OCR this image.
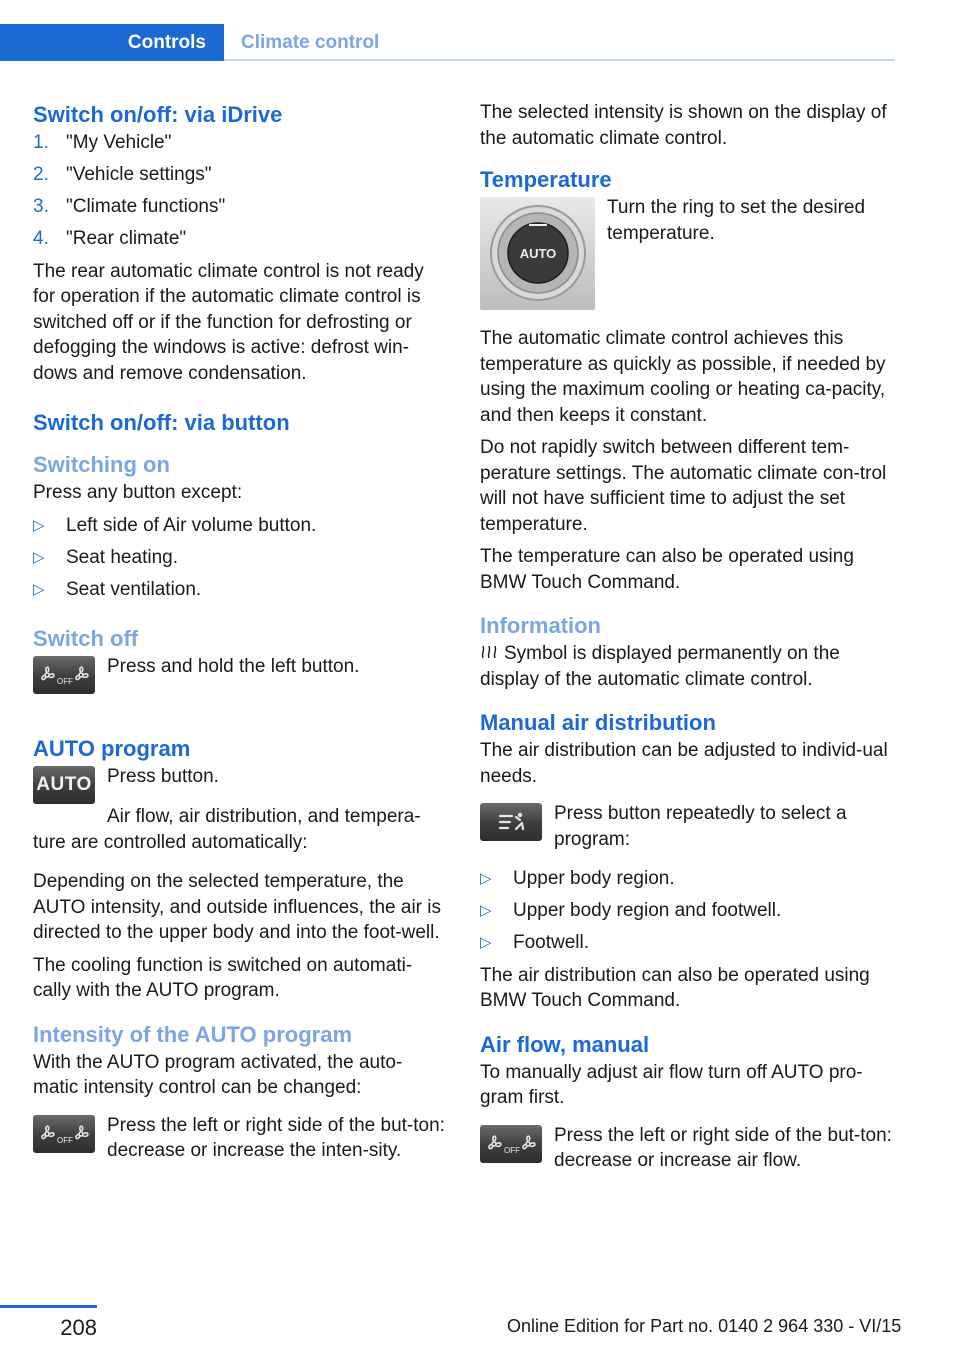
Controls	Climate control
Switch on/off: via iDrive
1. "My Vehicle"
2. "Vehicle settings"
3. "Climate functions"
4. "Rear climate"

The rear automatic climate control is not ready for operation if the automatic climate control is switched off or if the function for defrosting or defogging the windows is active: defrost win‐dows and remove condensation.

Switch on/off: via button
Switching on

Press any button except:

▷ Left side of Air volume button.
▷ Seat heating.
▷ Seat ventilation.
Switch off
OFF

Press and hold the left button.

AUTO program
AUTO Press button.

Air flow, air distribution, and tempera‐ture are controlled automatically:

Depending on the selected temperature, the AUTO intensity, and outside influences, the air is directed to the upper body and into the foot‐well.

The cooling function is switched on automati‐cally with the AUTO program.

Intensity of the AUTO program

With the AUTO program activated, the auto‐matic intensity control can be changed:

OFF

Press the left or right side of the but‐ton: decrease or increase the inten‐sity.

The selected intensity is shown on the display of the automatic climate control.

Temperature
AUTO

Turn the ring to set the desired temperature.

The automatic climate control achieves this temperature as quickly as possible, if needed by using the maximum cooling or heating ca‐pacity, and then keeps it constant.

Do not rapidly switch between different tem‐perature settings. The automatic climate con‐trol will not have sufficient time to adjust the set temperature.

The temperature can also be operated using BMW Touch Command.

Information

Symbol is displayed permanently on the display of the automatic climate control.

Manual air distribution

The air distribution can be adjusted to individ‐ual needs.

Press button repeatedly to select a program:

▷ Upper body region.
▷ Upper body region and footwell.
▷ Footwell.

The air distribution can also be operated using BMW Touch Command.

Air flow, manual

To manually adjust air flow turn off AUTO pro‐gram first.

OFF

Press the left or right side of the but‐ton: decrease or increase air flow.

208	Online Edition for Part no. 0140 2 964 330 - VI/15
